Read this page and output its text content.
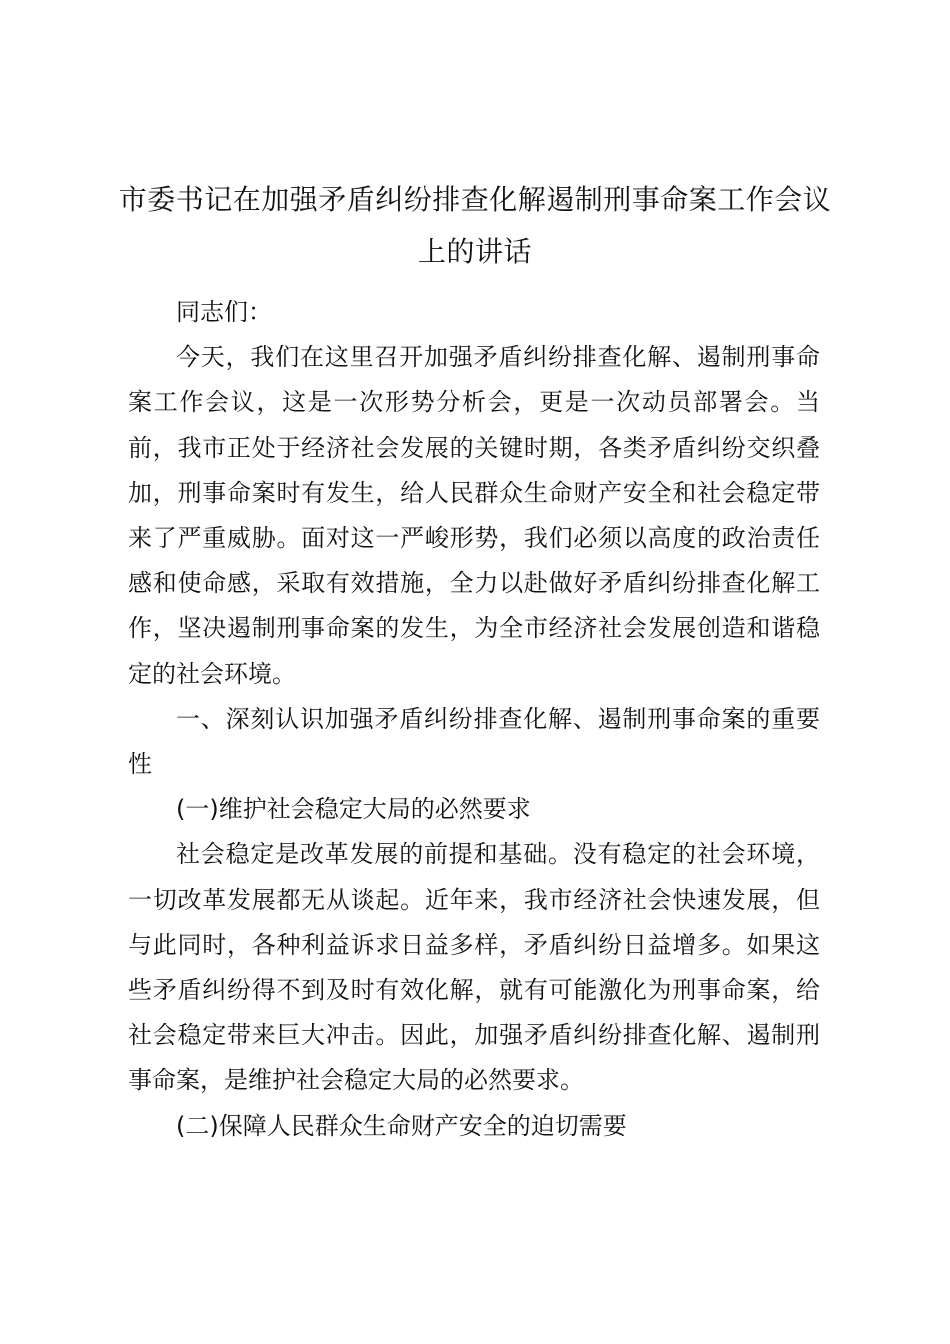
市委书记在加强矛盾纠纷排查化解遏制刑事命案工作会议上的讲话

同志们：

今天，我们在这里召开加强矛盾纠纷排查化解、遏制刑事命案工作会议，这是一次形势分析会，更是一次动员部署会。当前，我市正处于经济社会发展的关键时期，各类矛盾纠纷交织叠加，刑事命案时有发生，给人民群众生命财产安全和社会稳定带来了严重威胁。面对这一严峻形势，我们必须以高度的政治责任感和使命感，采取有效措施，全力以赴做好矛盾纠纷排查化解工作，坚决遏制刑事命案的发生，为全市经济社会发展创造和谐稳定的社会环境。

一、深刻认识加强矛盾纠纷排查化解、遏制刑事命案的重要性

(一)维护社会稳定大局的必然要求

社会稳定是改革发展的前提和基础。没有稳定的社会环境，一切改革发展都无从谈起。近年来，我市经济社会快速发展，但与此同时，各种利益诉求日益多样，矛盾纠纷日益增多。如果这些矛盾纠纷得不到及时有效化解，就有可能激化为刑事命案，给社会稳定带来巨大冲击。因此，加强矛盾纠纷排查化解、遏制刑事命案，是维护社会稳定大局的必然要求。

(二)保障人民群众生命财产安全的迫切需要
